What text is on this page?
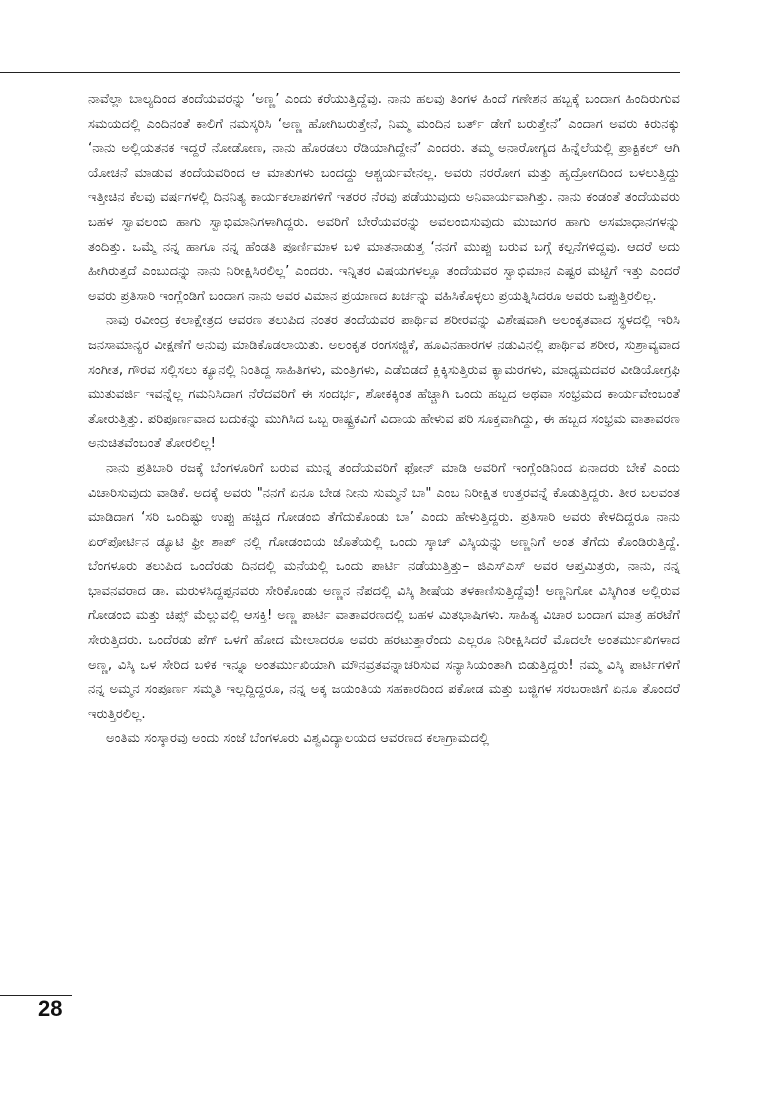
ನಾವೆಲ್ಲಾ ಬಾಲ್ಯದಿಂದ ತಂದೆಯವರನ್ನು ‘ಅಣ್ಣ’ ಎಂದು ಕರೆಯುತ್ತಿದ್ದೆವು. ನಾನು ಹಲವು ತಿಂಗಳ ಹಿಂದೆ ಗಣೇಶನ ಹಬ್ಬಕ್ಕೆ ಬಂದಾಗ ಹಿಂದಿರುಗುವ ಸಮಯದಲ್ಲಿ ಎಂದಿನಂತೆ ಕಾಲಿಗೆ ನಮಸ್ಕರಿಸಿ ‘ಅಣ್ಣ ಹೋಗಿಬರುತ್ತೇನೆ, ನಿಮ್ಮ ಮಂದಿನ ಬರ್ತ್ ಡೇಗೆ ಬರುತ್ತೇನೆ’ ಎಂದಾಗ ಅವರು ಕಿರುನಕ್ಕು ‘ನಾನು ಅಲ್ಲಿಯತನಕ ಇದ್ದರೆ ನೋಡೋಣ, ನಾನು ಹೊರಡಲು ರೆಡಿಯಾಗಿದ್ದೇನೆ’ ಎಂದರು. ತಮ್ಮ ಅನಾರೋಗ್ಯದ ಹಿನ್ನೆಲೆಯಲ್ಲಿ ಪ್ರಾಕ್ಟಿಕಲ್ ಆಗಿ ಯೋಚನೆ ಮಾಡುವ ತಂದೆಯವರಿಂದ ಆ ಮಾತುಗಳು ಬಂದದ್ದು ಆಶ್ಚರ್ಯವೇನಲ್ಲ. ಅವರು ನರರೋಗ ಮತ್ತು ಹೃದ್ರೋಗದಿಂದ ಬಳಲುತ್ತಿದ್ದು ಇತ್ತೀಚಿನ ಕೆಲವು ವರ್ಷಗಳಲ್ಲಿ ದಿನನಿತ್ಯ ಕಾರ್ಯಕಲಾಪಗಳಿಗೆ ಇತರರ ನೆರವು ಪಡೆಯುವುದು ಅನಿವಾರ್ಯವಾಗಿತ್ತು. ನಾನು ಕಂಡಂತೆ ತಂದೆಯವರು ಬಹಳ ಸ್ವಾವಲಂಬಿ ಹಾಗು ಸ್ವಾಭಿಮಾನಿಗಳಾಗಿದ್ದರು. ಅವರಿಗೆ ಬೇರೆಯವರನ್ನು ಅವಲಂಬಿಸುವುದು ಮುಜುಗರ ಹಾಗು ಅಸಮಾಧಾನಗಳನ್ನು ತಂದಿತ್ತು. ಒಮ್ಮೆ ನನ್ನ ಹಾಗೂ ನನ್ನ ಹೆಂಡತಿ ಪೂರ್ಣಿಮಾಳ ಬಳಿ ಮಾತನಾಡುತ್ತ ‘ನನಗೆ ಮುಪ್ಪು ಬರುವ ಬಗ್ಗೆ ಕಲ್ಪನೆಗಳಿದ್ದವು. ಆದರೆ ಅದು ಹೀಗಿರುತ್ತದೆ ಎಂಬುದನ್ನು ನಾನು ನಿರೀಕ್ಷಿಸಿರಲಿಲ್ಲ’ ಎಂದರು. ಇನ್ನಿತರ ವಿಷಯಗಳಲ್ಲೂ ತಂದೆಯವರ ಸ್ವಾಭಿಮಾನ ಎಷ್ಟರ ಮಟ್ಟಿಗೆ ಇತ್ತು ಎಂದರೆ ಅವರು ಪ್ರತಿಸಾರಿ ಇಂಗ್ಲೆಂಡಿಗೆ ಬಂದಾಗ ನಾನು ಅವರ ವಿಮಾನ ಪ್ರಯಾಣದ ಖರ್ಚನ್ನು ವಹಿಸಿಕೊಳ್ಳಲು ಪ್ರಯತ್ನಿಸಿದರೂ ಅವರು ಒಪ್ಪುತ್ತಿರಲಿಲ್ಲ.

ನಾವು ರವೀಂದ್ರ ಕಲಾಕ್ಷೇತ್ರದ ಆವರಣ ತಲುಪಿದ ನಂತರ ತಂದೆಯವರ ಪಾರ್ಥಿವ ಶರೀರವನ್ನು ವಿಶೇಷವಾಗಿ ಅಲಂಕೃತವಾದ ಸ್ಥಳದಲ್ಲಿ ಇರಿಸಿ ಜನಸಾಮಾನ್ಯರ ವೀಕ್ಷಣೆಗೆ ಅನುವು ಮಾಡಿಕೊಡಲಾಯಿತು. ಅಲಂಕೃತ ರಂಗಸಜ್ಜಿಕೆ, ಹೂವಿನಹಾರಗಳ ನಡುವಿನಲ್ಲಿ ಪಾರ್ಥಿವ ಶರೀರ, ಸುಶ್ರಾವ್ಯವಾದ ಸಂಗೀತ, ಗೌರವ ಸಲ್ಲಿಸಲು ಕ್ಯೂನಲ್ಲಿ ನಿಂತಿದ್ದ ಸಾಹಿತಿಗಳು, ಮಂತ್ರಿಗಳು, ಎಡೆಬಿಡದೆ ಕ್ಲಿಕ್ಕಿಸುತ್ತಿರುವ ಕ್ಯಾಮರಗಳು, ಮಾಧ್ಯಮದವರ ವೀಡಿಯೋಗ್ರಫಿ ಮುತುವರ್ಜಿ ಇವನ್ನೆಲ್ಲ ಗಮನಿಸಿದಾಗ ನೆರೆದವರಿಗೆ ಈ ಸಂದರ್ಭ, ಶೋಕಕ್ಕಿಂತ ಹೆಚ್ಚಾಗಿ ಒಂದು ಹಬ್ಬದ ಅಥವಾ ಸಂಭ್ರಮದ ಕಾರ್ಯವೇಂಬಂತೆ ತೋರುತ್ತಿತ್ತು. ಪರಿಪೂರ್ಣವಾದ ಬದುಕನ್ನು ಮುಗಿಸಿದ ಒಬ್ಬ ರಾಷ್ಟ್ರಕವಿಗೆ ವಿದಾಯ ಹೇಳುವ ಪರಿ ಸೂಕ್ತವಾಗಿದ್ದು, ಈ ಹಬ್ಬದ ಸಂಭ್ರಮ ವಾತಾವರಣ ಅನುಚಿತವೆಂಬಂತೆ ತೋರಲಿಲ್ಲ!

ನಾನು ಪ್ರತಿಬಾರಿ ರಜಕ್ಕೆ ಬೆಂಗಳೂರಿಗೆ ಬರುವ ಮುನ್ನ ತಂದೆಯವರಿಗೆ ಫೋನ್ ಮಾಡಿ ಅವರಿಗೆ ಇಂಗ್ಲೆಂಡಿನಿಂದ ಏನಾದರು ಬೇಕೆ ಎಂದು ವಿಚಾರಿಸುವುದು ವಾಡಿಕೆ. ಅದಕ್ಕೆ ಅವರು "ನನಗೆ ಏನೂ ಬೇಡ ನೀನು ಸುಮ್ಮನೆ ಬಾ" ಎಂಬ ನಿರೀಕ್ಷಿತ ಉತ್ತರವನ್ನೆ ಕೊಡುತ್ತಿದ್ದರು. ತೀರ ಬಲವಂತ ಮಾಡಿದಾಗ ‘ಸರಿ ಒಂದಿಷ್ಟು ಉಪ್ಪು ಹಚ್ಚಿದ ಗೋಡಂಬಿ ತೆಗೆದುಕೊಂಡು ಬಾ’ ಎಂದು ಹೇಳುತ್ತಿದ್ದರು. ಪ್ರತಿಸಾರಿ ಅವರು ಕೇಳದಿದ್ದರೂ ನಾನು ಏರ್‌ಪೋರ್ಟಿನ ಡ್ಯೂಟಿ ಫ್ರೀ ಶಾಪ್ ನಲ್ಲಿ ಗೋಡಂಬಿಯ ಜೊತೆಯಲ್ಲಿ ಒಂದು ಸ್ಕಾಚ್ ವಿಸ್ಕಿಯನ್ನು ಅಣ್ಣನಿಗೆ ಅಂತ ತೆಗೆದು ಕೊಂಡಿರುತ್ತಿದ್ದೆ. ಬೆಂಗಳೂರು ತಲುಪಿದ ಒಂದೆರಡು ದಿನದಲ್ಲಿ ಮನೆಯಲ್ಲಿ ಒಂದು ಪಾರ್ಟಿ ನಡೆಯುತ್ತಿತ್ತು– ಜಿಎಸ್‌ಎಸ್ ಅವರ ಆಪ್ತಮಿತ್ರರು, ನಾನು, ನನ್ನ ಭಾವನವರಾದ ಡಾ. ಮರುಳಸಿದ್ದಪ್ಪನವರು ಸೇರಿಕೊಂಡು ಅಣ್ಣನ ನೆಪದಲ್ಲಿ ವಿಸ್ಕಿ ಶೀಷೆಯ ತಳಕಾಣಿಸುತ್ತಿದ್ದೆವು! ಅಣ್ಣನಿಗೋ ವಿಸ್ಕಿಗಿಂತ ಅಲ್ಲಿರುವ ಗೋಡಂಬಿ ಮತ್ತು ಚಿಪ್ಸ್ ಮೆಲ್ಲುವಲ್ಲಿ ಆಸಕ್ತಿ! ಅಣ್ಣ ಪಾರ್ಟಿ ವಾತಾವರಣದಲ್ಲಿ ಬಹಳ ಮಿತಭಾಷಿಗಳು. ಸಾಹಿತ್ಯ ವಿಚಾರ ಬಂದಾಗ ಮಾತ್ರ ಹರಟೆಗೆ ಸೇರುತ್ತಿದರು. ಒಂದೆರಡು ಪೆಗ್ ಒಳಗೆ ಹೋದ ಮೇಲಾದರೂ ಅವರು ಹರಟುತ್ತಾರೆಂದು ಎಲ್ಲರೂ ನಿರೀಕ್ಷಿಸಿದರೆ ಮೊದಲೇ ಅಂತರ್ಮುಖಿಗಳಾದ ಅಣ್ಣ, ವಿಸ್ಕಿ ಒಳ ಸೇರಿದ ಬಳಿಕ ಇನ್ನೂ ಅಂತರ್ಮುಖಿಯಾಗಿ ಮೌನವ್ರತವನ್ನಾಚರಿಸುವ ಸನ್ಯಾಸಿಯಂತಾಗಿ ಬಿಡುತ್ತಿದ್ದರು! ನಮ್ಮ ವಿಸ್ಕಿ ಪಾರ್ಟಿಗಳಿಗೆ ನನ್ನ ಅಮ್ಮನ ಸಂಪೂರ್ಣ ಸಮ್ಮತಿ ಇಲ್ಲದ್ದಿದ್ದರೂ, ನನ್ನ ಅಕ್ಕ ಜಯಂತಿಯ ಸಹಕಾರದಿಂದ ಪಕೋಡ ಮತ್ತು ಬಜ್ಜಿಗಳ ಸರಬರಾಜಿಗೆ ಏನೂ ತೊಂದರೆ ಇರುತ್ತಿರಲಿಲ್ಲ.

ಅಂತಿಮ ಸಂಸ್ಕಾರವು ಅಂದು ಸಂಜೆ ಬೆಂಗಳೂರು ವಿಶ್ವವಿದ್ಯಾಲಯದ ಆವರಣದ ಕಲಾಗ್ರಾಮದಲ್ಲಿ

28
